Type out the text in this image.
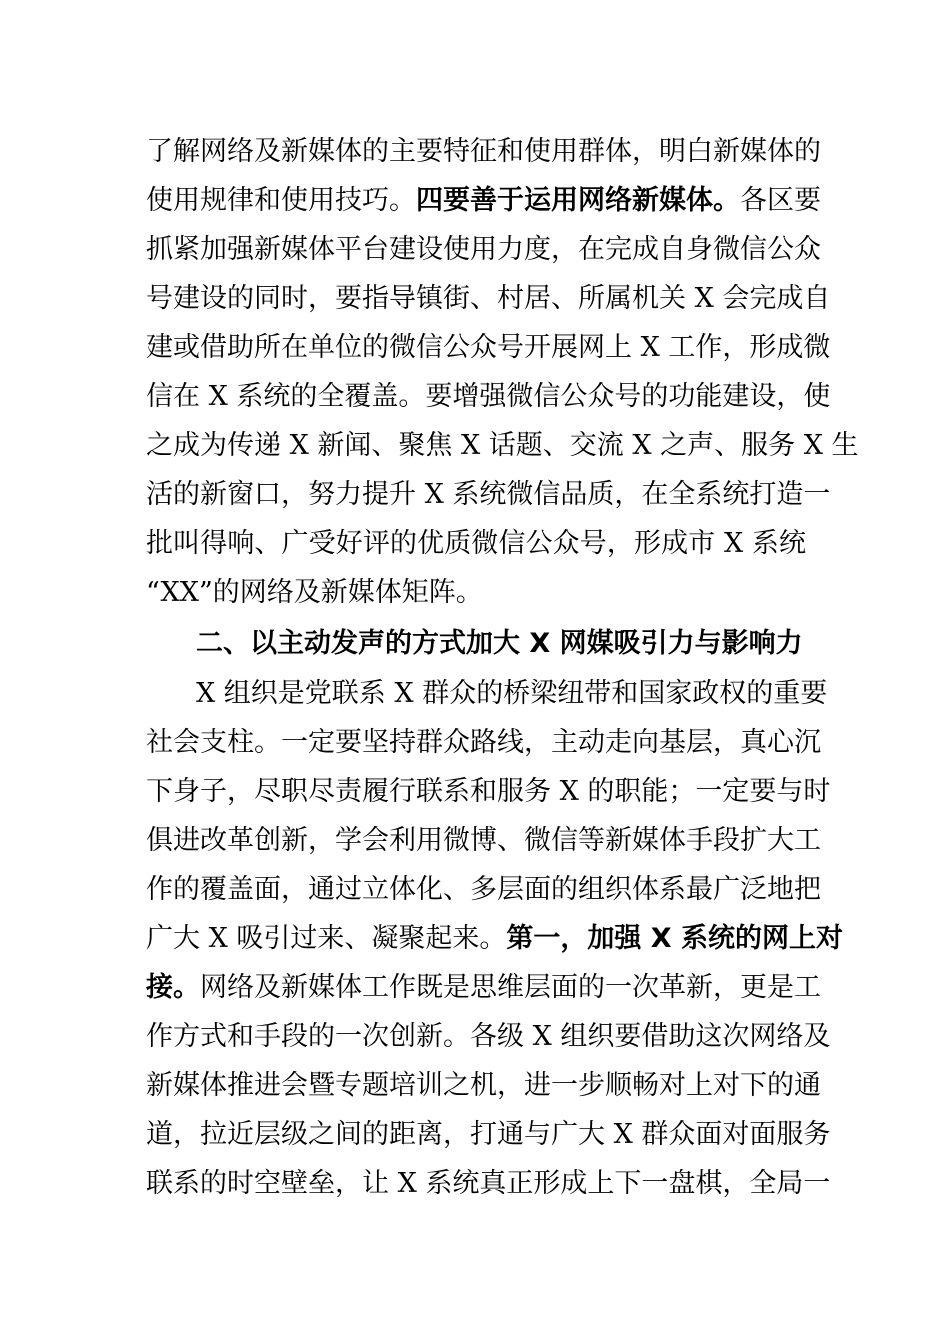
了解网络及新媒体的主要特征和使用群体，明白新媒体的
使用规律和使用技巧。四要善于运用网络新媒体。各区要
抓紧加强新媒体平台建设使用力度，在完成自身微信公众
号建设的同时，要指导镇街、村居、所属机关 X 会完成自
建或借助所在单位的微信公众号开展网上 X 工作，形成微
信在 X 系统的全覆盖。要增强微信公众号的功能建设，使
之成为传递 X 新闻、聚焦 X 话题、交流 X 之声、服务 X 生
活的新窗口，努力提升 X 系统微信品质，在全系统打造一
批叫得响、广受好评的优质微信公众号，形成市 X 系统
“XX”的网络及新媒体矩阵。
二、以主动发声的方式加大 X 网媒吸引力与影响力
X 组织是党联系 X 群众的桥梁纽带和国家政权的重要
社会支柱。一定要坚持群众路线，主动走向基层，真心沉
下身子，尽职尽责履行联系和服务 X 的职能；一定要与时
俱进改革创新，学会利用微博、微信等新媒体手段扩大工
作的覆盖面，通过立体化、多层面的组织体系最广泛地把
广大 X 吸引过来、凝聚起来。第一，加强 X 系统的网上对
接。网络及新媒体工作既是思维层面的一次革新，更是工
作方式和手段的一次创新。各级 X 组织要借助这次网络及
新媒体推进会暨专题培训之机，进一步顺畅对上对下的通
道，拉近层级之间的距离，打通与广大 X 群众面对面服务
联系的时空壁垒，让 X 系统真正形成上下一盘棋，全局一
